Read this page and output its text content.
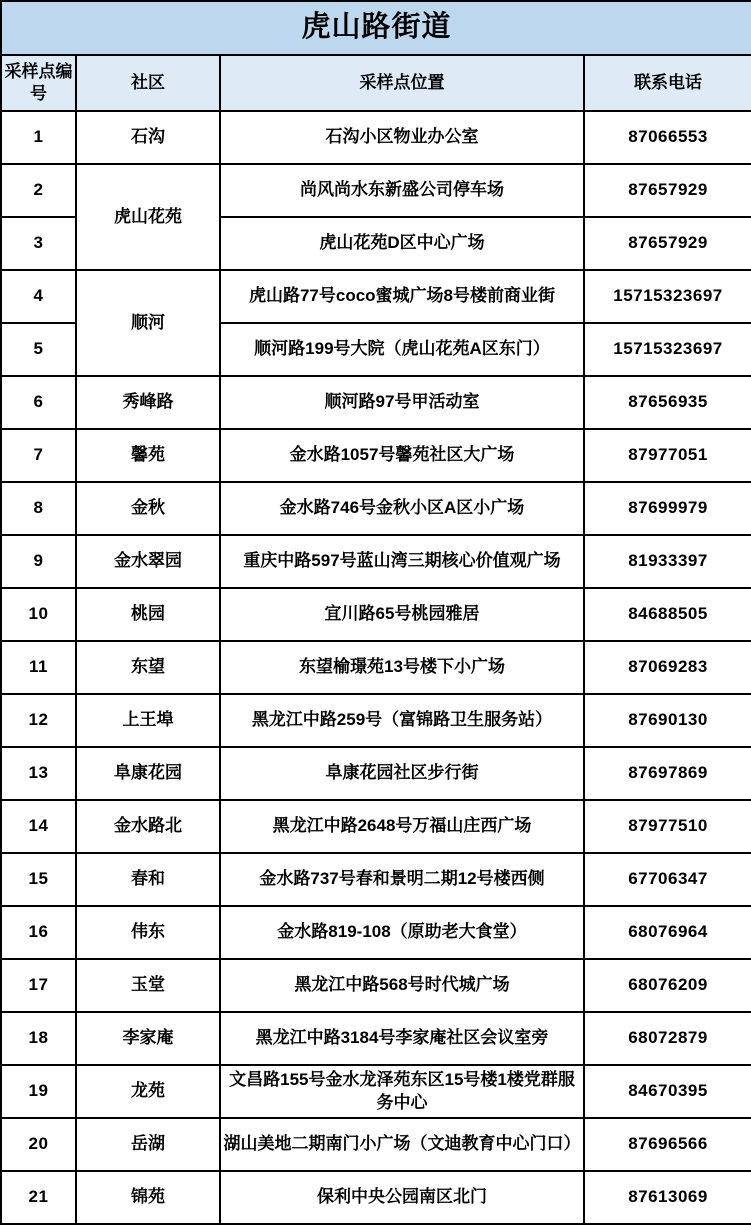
虎山路街道			
采样点编号	社区	采样点位置	联系电话
1	石沟	石沟小区物业办公室	87066553
2	虎山花苑	尚风尚水东新盛公司停车场	87657929
3		虎山花苑D区中心广场	87657929
4	顺河	虎山路77号coco蜜城广场8号楼前商业街	15715323697
5		顺河路199号大院（虎山花苑A区东门）	15715323697
6	秀峰路	顺河路97号甲活动室	87656935
7	馨苑	金水路1057号馨苑社区大广场	87977051
8	金秋	金水路746号金秋小区A区小广场	87699979
9	金水翠园	重庆中路597号蓝山湾三期核心价值观广场	81933397
10	桃园	宜川路65号桃园雅居	84688505
11	东望	东望榆璟苑13号楼下小广场	87069283
12	上王埠	黑龙江中路259号（富锦路卫生服务站）	87690130
13	阜康花园	阜康花园社区步行街	87697869
14	金水路北	黑龙江中路2648号万福山庄西广场	87977510
15	春和	金水路737号春和景明二期12号楼西侧	67706347
16	伟东	金水路819-108（原助老大食堂）	68076964
17	玉堂	黑龙江中路568号时代城广场	68076209
18	李家庵	黑龙江中路3184号李家庵社区会议室旁	68072879
19	龙苑	文昌路155号金水龙泽苑东区15号楼1楼党群服务中心	84670395
20	岳湖	湖山美地二期南门小广场（文迪教育中心门口）	87696566
21	锦苑	保利中央公园南区北门	87613069
